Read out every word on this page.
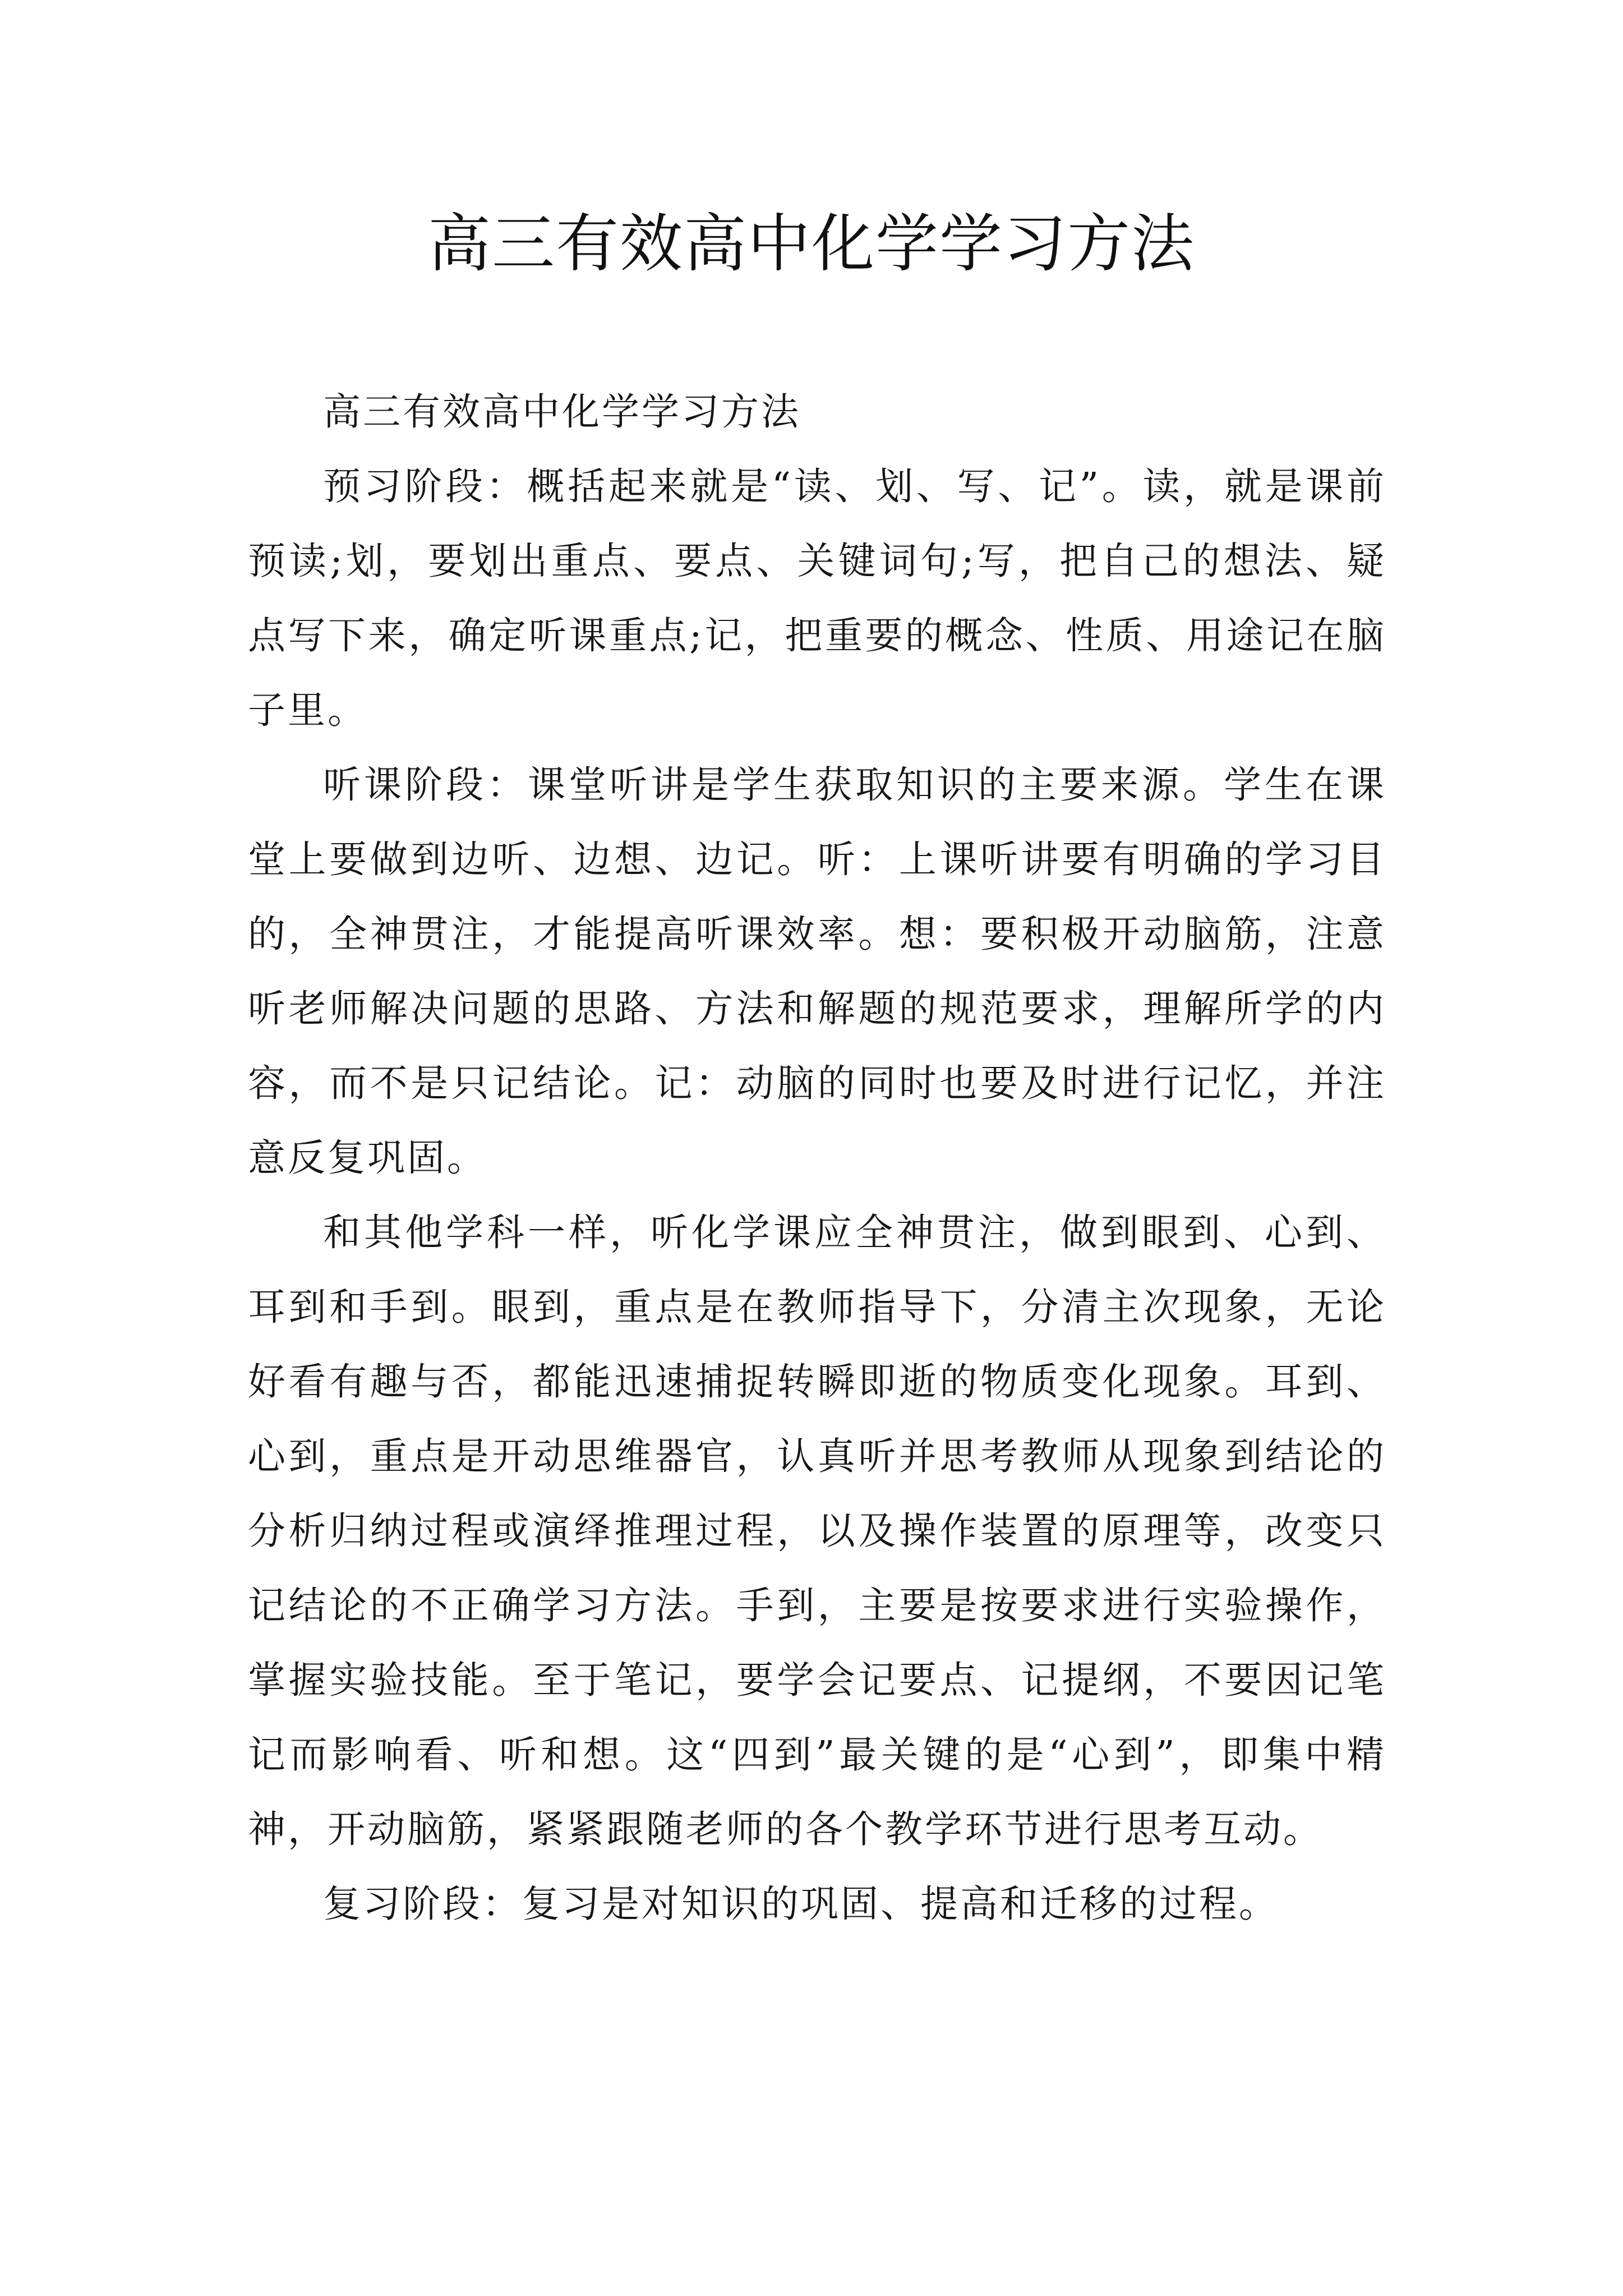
高三有效高中化学学习方法

高三有效高中化学学习方法

预习阶段：概括起来就是“读、划、写、记”。读，就是课前预读;划，要划出重点、要点、关键词句;写，把自己的想法、疑点写下来，确定听课重点;记，把重要的概念、性质、用途记在脑子里。

听课阶段：课堂听讲是学生获取知识的主要来源。学生在课堂上要做到边听、边想、边记。听：上课听讲要有明确的学习目的，全神贯注，才能提高听课效率。想：要积极开动脑筋，注意听老师解决问题的思路、方法和解题的规范要求，理解所学的内容，而不是只记结论。记：动脑的同时也要及时进行记忆，并注意反复巩固。

和其他学科一样，听化学课应全神贯注，做到眼到、心到、耳到和手到。眼到，重点是在教师指导下，分清主次现象，无论好看有趣与否，都能迅速捕捉转瞬即逝的物质变化现象。耳到、心到，重点是开动思维器官，认真听并思考教师从现象到结论的分析归纳过程或演绎推理过程，以及操作装置的原理等，改变只记结论的不正确学习方法。手到，主要是按要求进行实验操作，掌握实验技能。至于笔记，要学会记要点、记提纲，不要因记笔记而影响看、听和想。这“四到”最关键的是“心到”，即集中精神，开动脑筋，紧紧跟随老师的各个教学环节进行思考互动。

复习阶段：复习是对知识的巩固、提高和迁移的过程。
